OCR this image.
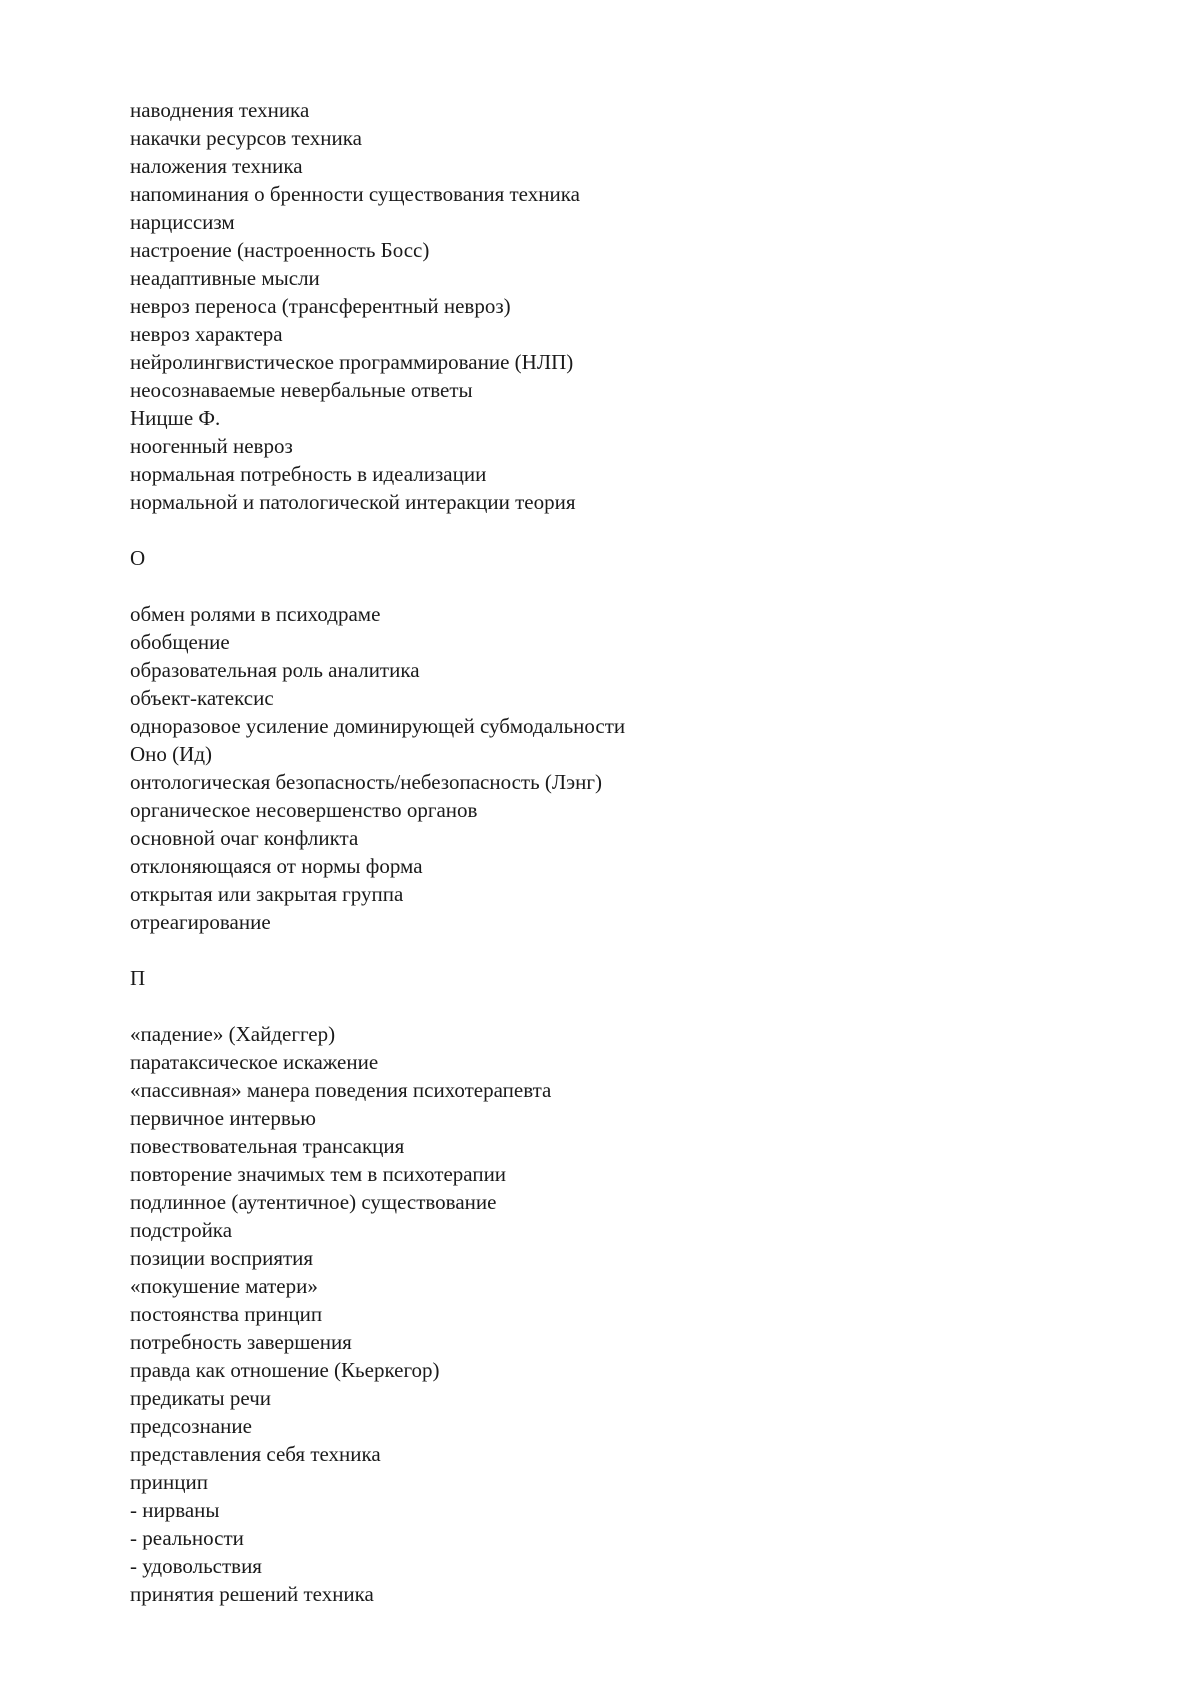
наводнения техника
накачки ресурсов техника
наложения техника
напоминания о бренности существования техника
нарциссизм
настроение (настроенность Босс)
неадаптивные мысли
невроз переноса (трансферентный невроз)
невроз характера
нейролингвистическое программирование (НЛП)
неосознаваемые невербальные ответы
Ницше Ф.
ноогенный невроз
нормальная потребность в идеализации
нормальной и патологической интеракции теория
О
обмен ролями в психодраме
обобщение
образовательная роль аналитика
объект-катексис
одноразовое усиление доминирующей субмодальности
Оно (Ид)
онтологическая безопасность/небезопасность (Лэнг)
органическое несовершенство органов
основной очаг конфликта
отклоняющаяся от нормы форма
открытая или закрытая группа
отреагирование
П
«падение» (Хайдеггер)
паратаксическое искажение
«пассивная» манера поведения психотерапевта
первичное интервью
повествовательная трансакция
повторение значимых тем в психотерапии
подлинное (аутентичное) существование
подстройка
позиции восприятия
«покушение матери»
постоянства принцип
потребность завершения
правда как отношение (Кьеркегор)
предикаты речи
предсознание
представления себя техника
принцип
- нирваны
- реальности
- удовольствия
принятия решений техника
